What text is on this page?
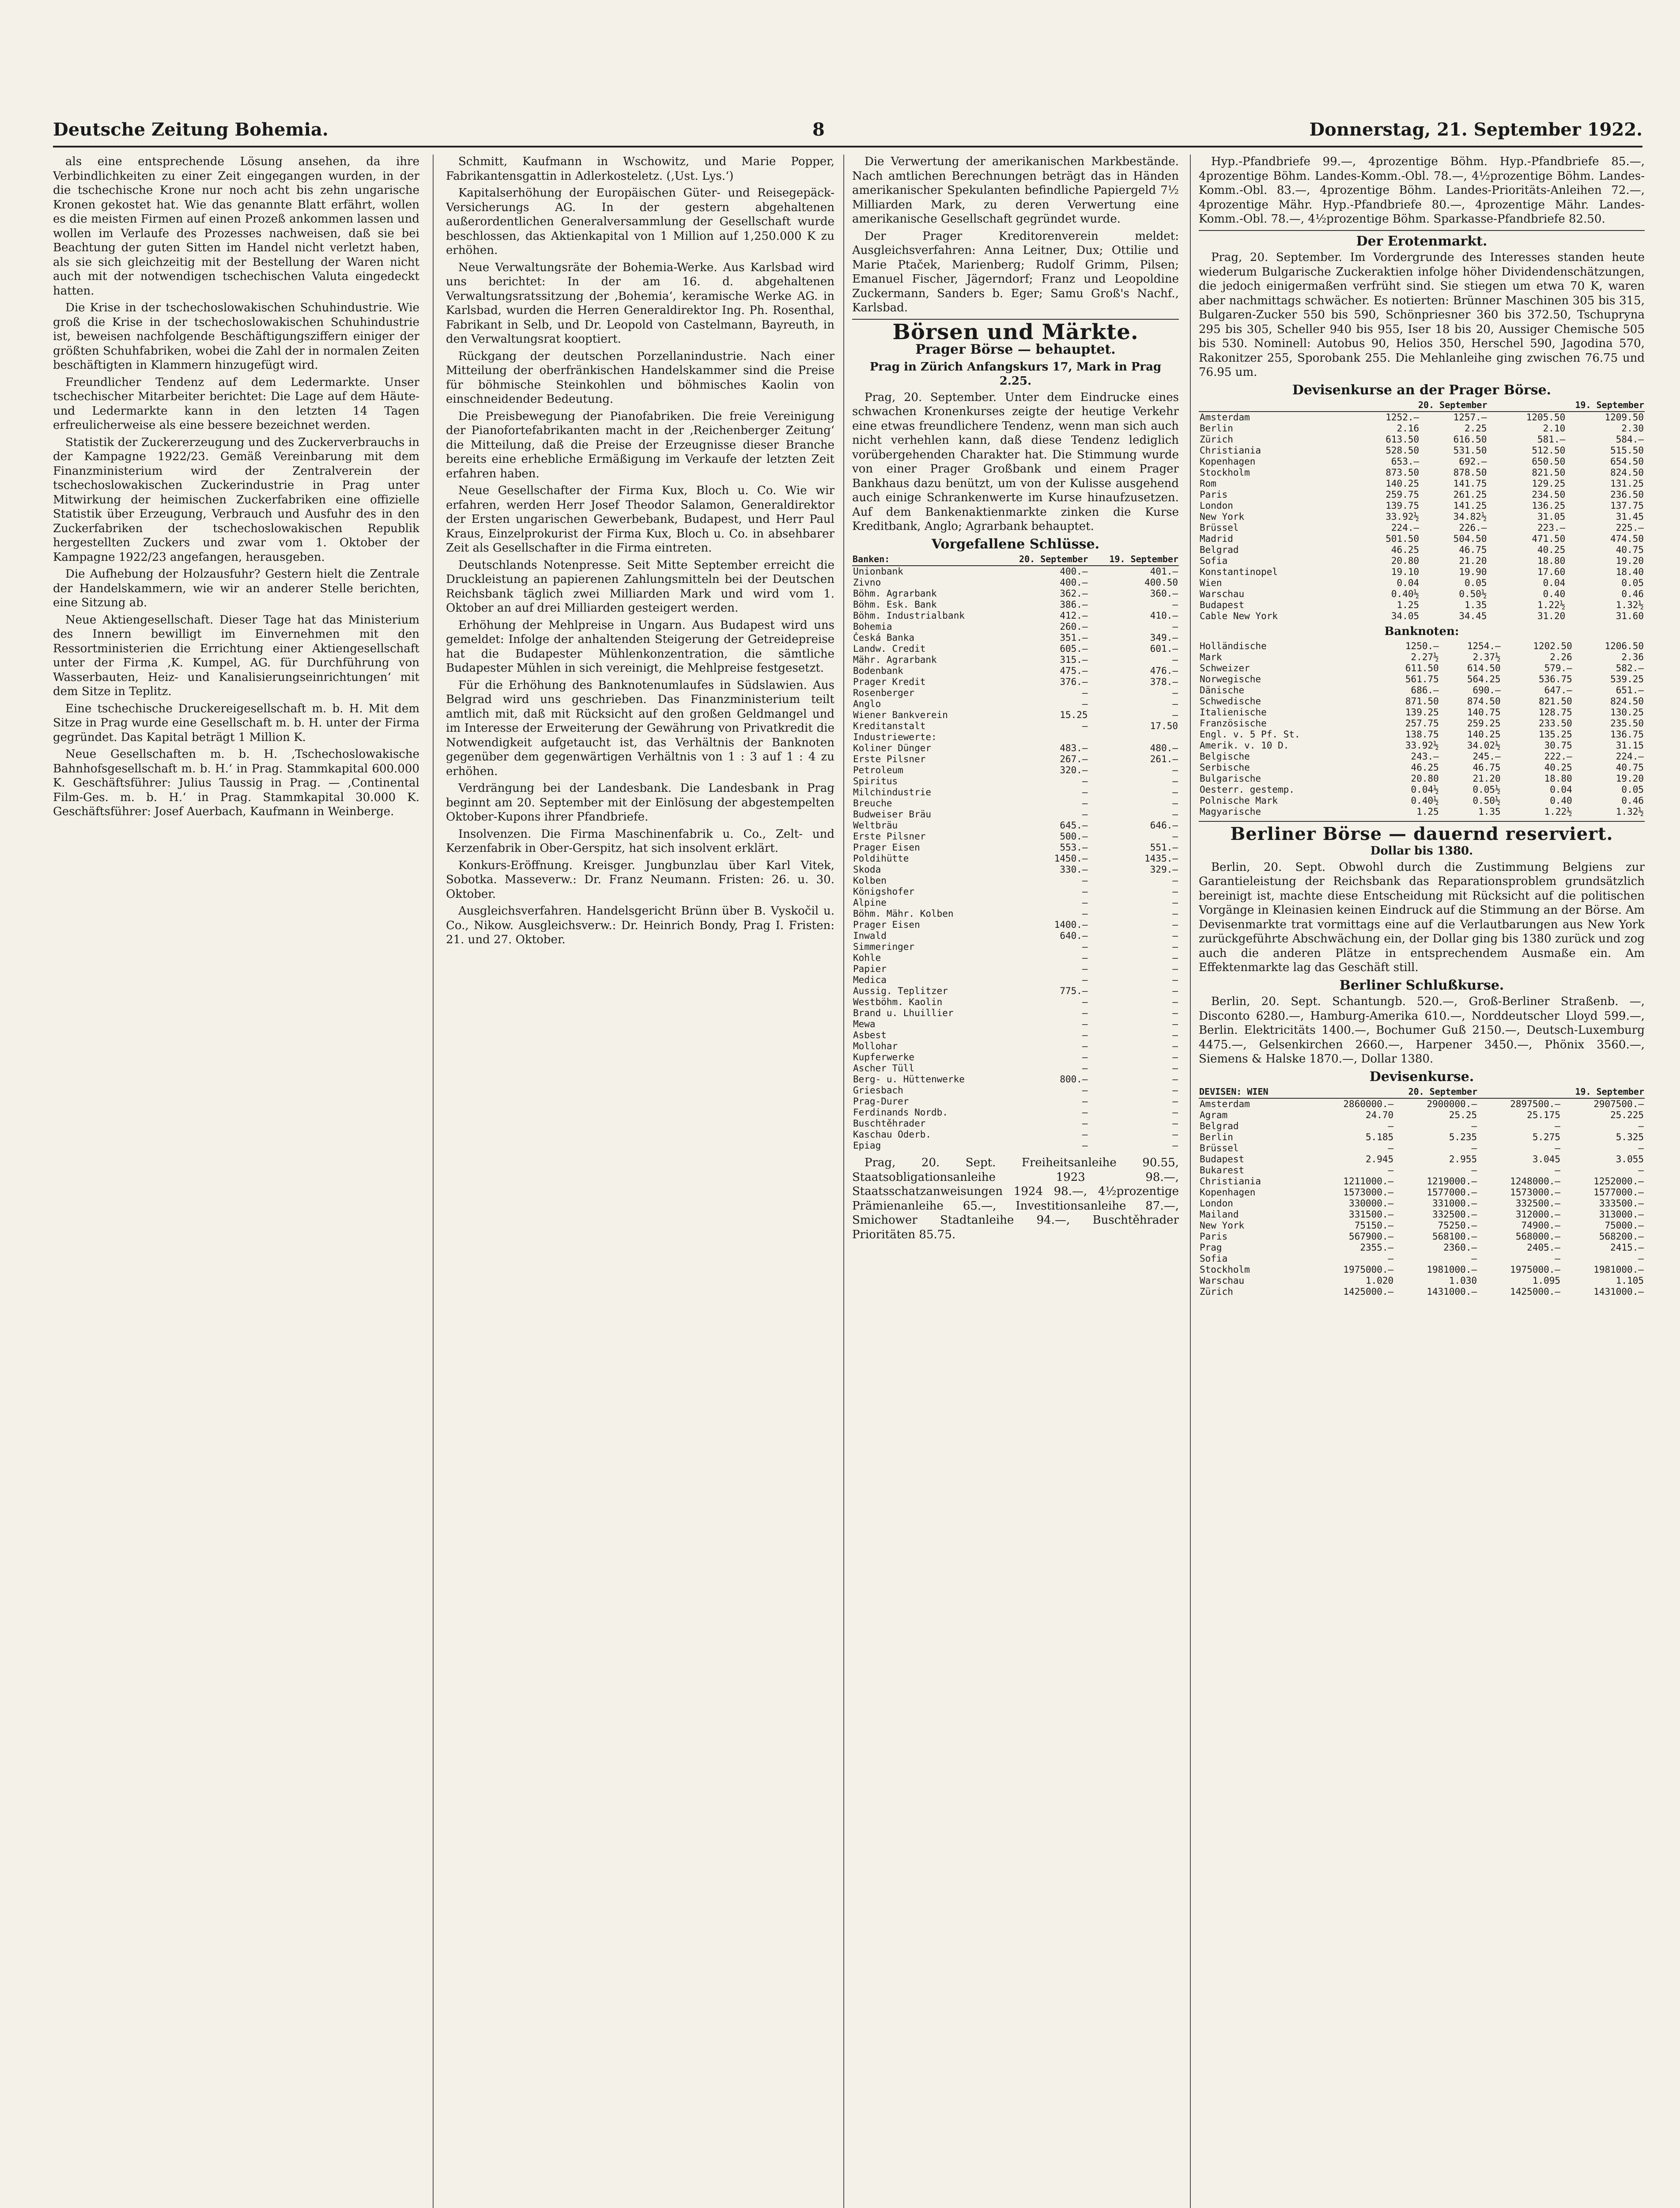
Deutsche Zeitung Bohemia.	8	Donnerstag, 21. September 1922.

als eine entsprechende Lösung ansehen, da ihre Verbindlichkeiten zu einer Zeit eingegangen wurden, in der die tschechische Krone nur noch acht bis zehn ungarische Kronen gekostet hat. Wie das genannte Blatt erfährt, wollen es die meisten Firmen auf einen Prozeß ankommen lassen und wollen im Verlaufe des Prozesses nachweisen, daß sie bei Beachtung der guten Sitten im Handel nicht verletzt haben, als sie sich gleichzeitig mit der Bestellung der Waren nicht auch mit der notwendigen tschechischen Valuta eingedeckt hatten.

Die Krise in der tschechoslowakischen Schuhindustrie. Wie groß die Krise in der tschechoslowakischen Schuhindustrie ist, beweisen nachfolgende Beschäftigungsziffern einiger der größten Schuhfabriken, wobei die Zahl der in normalen Zeiten beschäftigten in Klammern hinzugefügt wird.

Freundlicher Tendenz auf dem Ledermarkte. Unser tschechischer Mitarbeiter berichtet: Die Lage auf dem Häute- und Ledermarkte kann in den letzten 14 Tagen erfreulicherweise als eine bessere bezeichnet werden.

Statistik der Zuckererzeugung und des Zuckerverbrauchs in der Kampagne 1922/23. Gemäß Vereinbarung mit dem Finanzministerium wird der Zentralverein der tschechoslowakischen Zuckerindustrie in Prag unter Mitwirkung der heimischen Zuckerfabriken eine offizielle Statistik über Erzeugung, Verbrauch und Ausfuhr des in den Zuckerfabriken der tschechoslowakischen Republik hergestellten Zuckers und zwar vom 1. Oktober der Kampagne 1922/23 angefangen, herausgeben.

Die Aufhebung der Holzausfuhr? Gestern hielt die Zentrale der Handelskammern, wie wir an anderer Stelle berichten, eine Sitzung ab.

Neue Aktiengesellschaft. Dieser Tage hat das Ministerium des Innern bewilligt im Einvernehmen mit den Ressortministerien die Errichtung einer Aktiengesellschaft unter der Firma ‚K. Kumpel, AG. für Durchführung von Wasserbauten, Heiz- und Kanalisierungseinrichtungen‘ mit dem Sitze in Teplitz.

Eine tschechische Druckereigesellschaft m. b. H. Mit dem Sitze in Prag wurde eine Gesellschaft m. b. H. unter der Firma gegründet. Das Kapital beträgt 1 Million K.

Neue Gesellschaften m. b. H. ‚Tschechoslowakische Bahnhofsgesellschaft m. b. H.‘ in Prag. Stammkapital 600.000 K. Geschäftsführer: Julius Taussig in Prag. — ‚Continental Film-Ges. m. b. H.‘ in Prag. Stammkapital 30.000 K. Geschäftsführer: Josef Auerbach, Kaufmann in Weinberge.

Schmitt, Kaufmann in Wschowitz, und Marie Popper, Fabrikantensgattin in Adlerkosteletz. (‚Ust. Lys.‘)

Kapitalserhöhung der Europäischen Güter- und Reisegepäck-Versicherungs AG. In der gestern abgehaltenen außerordentlichen Generalversammlung der Gesellschaft wurde beschlossen, das Aktienkapital von 1 Million auf 1,250.000 K zu erhöhen.

Neue Verwaltungsräte der Bohemia-Werke. Aus Karlsbad wird uns berichtet: In der am 16. d. abgehaltenen Verwaltungsratssitzung der ‚Bohemia‘, keramische Werke AG. in Karlsbad, wurden die Herren Generaldirektor Ing. Ph. Rosenthal, Fabrikant in Selb, und Dr. Leopold von Castelmann, Bayreuth, in den Verwaltungsrat kooptiert.

Rückgang der deutschen Porzellanindustrie. Nach einer Mitteilung der oberfränkischen Handelskammer sind die Preise für böhmische Steinkohlen und böhmisches Kaolin von einschneidender Bedeutung.

Die Preisbewegung der Pianofabriken. Die freie Vereinigung der Pianofortefabrikanten macht in der ‚Reichenberger Zeitung‘ die Mitteilung, daß die Preise der Erzeugnisse dieser Branche bereits eine erhebliche Ermäßigung im Verkaufe der letzten Zeit erfahren haben.

Neue Gesellschafter der Firma Kux, Bloch u. Co. Wie wir erfahren, werden Herr Josef Theodor Salamon, Generaldirektor der Ersten ungarischen Gewerbebank, Budapest, und Herr Paul Kraus, Einzelprokurist der Firma Kux, Bloch u. Co. in absehbarer Zeit als Gesellschafter in die Firma eintreten.

Deutschlands Notenpresse. Seit Mitte September erreicht die Druckleistung an papierenen Zahlungsmitteln bei der Deutschen Reichsbank täglich zwei Milliarden Mark und wird vom 1. Oktober an auf drei Milliarden gesteigert werden.

Erhöhung der Mehlpreise in Ungarn. Aus Budapest wird uns gemeldet: Infolge der anhaltenden Steigerung der Getreidepreise hat die Budapester Mühlenkonzentration, die sämtliche Budapester Mühlen in sich vereinigt, die Mehlpreise festgesetzt.

Für die Erhöhung des Banknotenumlaufes in Südslawien. Aus Belgrad wird uns geschrieben. Das Finanzministerium teilt amtlich mit, daß mit Rücksicht auf den großen Geldmangel und im Interesse der Erweiterung der Gewährung von Privatkredit die Notwendigkeit aufgetaucht ist, das Verhältnis der Banknoten gegenüber dem gegenwärtigen Verhältnis von 1 : 3 auf 1 : 4 zu erhöhen.

Verdrängung bei der Landesbank. Die Landesbank in Prag beginnt am 20. September mit der Einlösung der abgestempelten Oktober-Kupons ihrer Pfandbriefe.

Insolvenzen. Die Firma Maschinenfabrik u. Co., Zelt- und Kerzenfabrik in Ober-Gerspitz, hat sich insolvent erklärt.

Konkurs-Eröffnung. Kreisger. Jungbunzlau über Karl Vitek, Sobotka. Masseverw.: Dr. Franz Neumann. Fristen: 26. u. 30. Oktober.

Ausgleichsverfahren. Handelsgericht Brünn über B. Vyskočil u. Co., Nikow. Ausgleichsverw.: Dr. Heinrich Bondy, Prag I. Fristen: 21. und 27. Oktober.

Die Verwertung der amerikanischen Markbestände. Nach amtlichen Berechnungen beträgt das in Händen amerikanischer Spekulanten befindliche Papiergeld 7½ Milliarden Mark, zu deren Verwertung eine amerikanische Gesellschaft gegründet wurde.

Der Prager Kreditorenverein meldet: Ausgleichsverfahren: Anna Leitner, Dux; Ottilie und Marie Ptaček, Marienberg; Rudolf Grimm, Pilsen; Emanuel Fischer, Jägerndorf; Franz und Leopoldine Zuckermann, Sanders b. Eger; Samu Groß's Nachf., Karlsbad.

Börsen und Märkte.
Prager Börse — behauptet.
Prag in Zürich Anfangskurs 17, Mark in Prag 2.25.

Prag, 20. September. Unter dem Eindrucke eines schwachen Kronenkurses zeigte der heutige Verkehr eine etwas freundlichere Tendenz, wenn man sich auch nicht verhehlen kann, daß diese Tendenz lediglich vorübergehenden Charakter hat. Die Stimmung wurde von einer Prager Großbank und einem Prager Bankhaus dazu benützt, um von der Kulisse ausgehend auch einige Schrankenwerte im Kurse hinaufzusetzen. Auf dem Bankenaktienmarkte zinken die Kurse Kreditbank, Anglo; Agrarbank behauptet.

Vorgefallene Schlüsse.
Banken:	20. September	19. September
Unionbank	400.—	401.—
Zivno	400.—	400.50
Böhm. Agrarbank	362.—	360.—
Böhm. Esk. Bank	386.—	—
Böhm. Industrialbank	412.—	410.—
Bohemia	260.—	—
Česká Banka	351.—	349.—
Landw. Credit	605.—	601.—
Mähr. Agrarbank	315.—	—
Bodenbank	475.—	476.—
Prager Kredit	376.—	378.—
Rosenberger	—	—
Anglo	—	—
Wiener Bankverein	15.25	—
Kreditanstalt	—	17.50
Industriewerte:		
Koliner Dünger	483.—	480.—
Erste Pilsner	267.—	261.—
Petroleum	320.—	—
Spiritus	—	—
Milchindustrie	—	—
Breuche	—	—
Budweiser Bräu	—	—
Weltbräu	645.—	646.—
Erste Pilsner	500.—	—
Prager Eisen	553.—	551.—
Poldihütte	1450.—	1435.—
Skoda	330.—	329.—
Kolben	—	—
Königshofer	—	—
Alpine	—	—
Böhm. Mähr. Kolben	—	—
Prager Eisen	1400.—	—
Inwald	640.—	—
Simmeringer	—	—
Kohle	—	—
Papier	—	—
Medica	—	—
Aussig. Teplitzer	775.—	—
Westböhm. Kaolin	—	—
Brand u. Lhuillier	—	—
Mewa	—	—
Asbest	—	—
Mollohar	—	—
Kupferwerke	—	—
Ascher Tüll	—	—
Berg- u. Hüttenwerke	800.—	—
Griesbach	—	—
Prag-Durer	—	—
Ferdinands Nordb.	—	—
Buschtěhrader	—	—
Kaschau Oderb.	—	—
Epiag	—	—

Prag, 20. Sept. Freiheitsanleihe 90.55, Staatsobligationsanleihe 1923 98.—, Staatsschatzanweisungen 1924 98.—, 4½prozentige Prämienanleihe 65.—, Investitionsanleihe 87.—, Smichower Stadtanleihe 94.—, Buschtěhrader Prioritäten 85.75.

Hyp.-Pfandbriefe 99.—, 4prozentige Böhm. Hyp.-Pfandbriefe 85.—, 4prozentige Böhm. Landes-Komm.-Obl. 78.—, 4½prozentige Böhm. Landes-Komm.-Obl. 83.—, 4prozentige Böhm. Landes-Prioritäts-Anleihen 72.—, 4prozentige Mähr. Hyp.-Pfandbriefe 80.—, 4prozentige Mähr. Landes-Komm.-Obl. 78.—, 4½prozentige Böhm. Sparkasse-Pfandbriefe 82.50.

Der Erotenmarkt.

Prag, 20. September. Im Vordergrunde des Interesses standen heute wiederum Bulgarische Zuckeraktien infolge höher Dividendenschätzungen, die jedoch einigermaßen verfrüht sind. Sie stiegen um etwa 70 K, waren aber nachmittags schwächer. Es notierten: Brünner Maschinen 305 bis 315, Bulgaren-Zucker 550 bis 590, Schönpriesner 360 bis 372.50, Tschupryna 295 bis 305, Scheller 940 bis 955, Iser 18 bis 20, Aussiger Chemische 505 bis 530. Nominell: Autobus 90, Helios 350, Herschel 590, Jagodina 570, Rakonitzer 255, Sporobank 255. Die Mehlanleihe ging zwischen 76.75 und 76.95 um.

Devisenkurse an der Prager Börse.
	20. September		19. September	
Amsterdam	1252.—	1257.—	1205.50	1209.50
Berlin	2.16	2.25	2.10	2.30
Zürich	613.50	616.50	581.—	584.—
Christiania	528.50	531.50	512.50	515.50
Kopenhagen	653.—	692.—	650.50	654.50
Stockholm	873.50	878.50	821.50	824.50
Rom	140.25	141.75	129.25	131.25
Paris	259.75	261.25	234.50	236.50
London	139.75	141.25	136.25	137.75
New York	33.92½	34.82½	31.05	31.45
Brüssel	224.—	226.—	223.—	225.—
Madrid	501.50	504.50	471.50	474.50
Belgrad	46.25	46.75	40.25	40.75
Sofia	20.80	21.20	18.80	19.20
Konstantinopel	19.10	19.90	17.60	18.40
Wien	0.04	0.05	0.04	0.05
Warschau	0.40½	0.50½	0.40	0.46
Budapest	1.25	1.35	1.22½	1.32½
Cable New York	34.05	34.45	31.20	31.60
Banknoten:
Holländische	1250.—	1254.—	1202.50	1206.50
Mark	2.27½	2.37½	2.26	2.36
Schweizer	611.50	614.50	579.—	582.—
Norwegische	561.75	564.25	536.75	539.25
Dänische	686.—	690.—	647.—	651.—
Schwedische	871.50	874.50	821.50	824.50
Italienische	139.25	140.75	128.75	130.25
Französische	257.75	259.25	233.50	235.50
Engl. v. 5 Pf. St.	138.75	140.25	135.25	136.75
Amerik. v. 10 D.	33.92½	34.02½	30.75	31.15
Belgische	243.—	245.—	222.—	224.—
Serbische	46.25	46.75	40.25	40.75
Bulgarische	20.80	21.20	18.80	19.20
Oesterr. gestemp.	0.04½	0.05½	0.04	0.05
Polnische Mark	0.40½	0.50½	0.40	0.46
Magyarische	1.25	1.35	1.22½	1.32½
Berliner Börse — dauernd reserviert.
Dollar bis 1380.

Berlin, 20. Sept. Obwohl durch die Zustimmung Belgiens zur Garantieleistung der Reichsbank das Reparationsproblem grundsätzlich bereinigt ist, machte diese Entscheidung mit Rücksicht auf die politischen Vorgänge in Kleinasien keinen Eindruck auf die Stimmung an der Börse. Am Devisenmarkte trat vormittags eine auf die Verlautbarungen aus New York zurückgeführte Abschwächung ein, der Dollar ging bis 1380 zurück und zog auch die anderen Plätze in entsprechendem Ausmaße ein. Am Effektenmarkte lag das Geschäft still.

Berliner Schlußkurse.

Berlin, 20. Sept. Schantungb. 520.—, Groß-Berliner Straßenb. —, Disconto 6280.—, Hamburg-Amerika 610.—, Norddeutscher Lloyd 599.—, Berlin. Elektricitäts 1400.—, Bochumer Guß 2150.—, Deutsch-Luxemburg 4475.—, Gelsenkirchen 2660.—, Harpener 3450.—, Phönix 3560.—, Siemens & Halske 1870.—, Dollar 1380.

Devisenkurse.
DEVISEN: WIEN	20. September		19. September	
Amsterdam	2860000.—	2900000.—	2897500.—	2907500.—
Agram	24.70	25.25	25.175	25.225
Belgrad	—	—	—	—
Berlin	5.185	5.235	5.275	5.325
Brüssel	—	—	—	—
Budapest	2.945	2.955	3.045	3.055
Bukarest	—	—	—	—
Christiania	1211000.—	1219000.—	1248000.—	1252000.—
Kopenhagen	1573000.—	1577000.—	1573000.—	1577000.—
London	330000.—	331000.—	332500.—	333500.—
Mailand	331500.—	332500.—	312000.—	313000.—
New York	75150.—	75250.—	74900.—	75000.—
Paris	567900.—	568100.—	568000.—	568200.—
Prag	2355.—	2360.—	2405.—	2415.—
Sofia	—	—	—	—
Stockholm	1975000.—	1981000.—	1975000.—	1981000.—
Warschau	1.020	1.030	1.095	1.105
Zürich	1425000.—	1431000.—	1425000.—	1431000.—
